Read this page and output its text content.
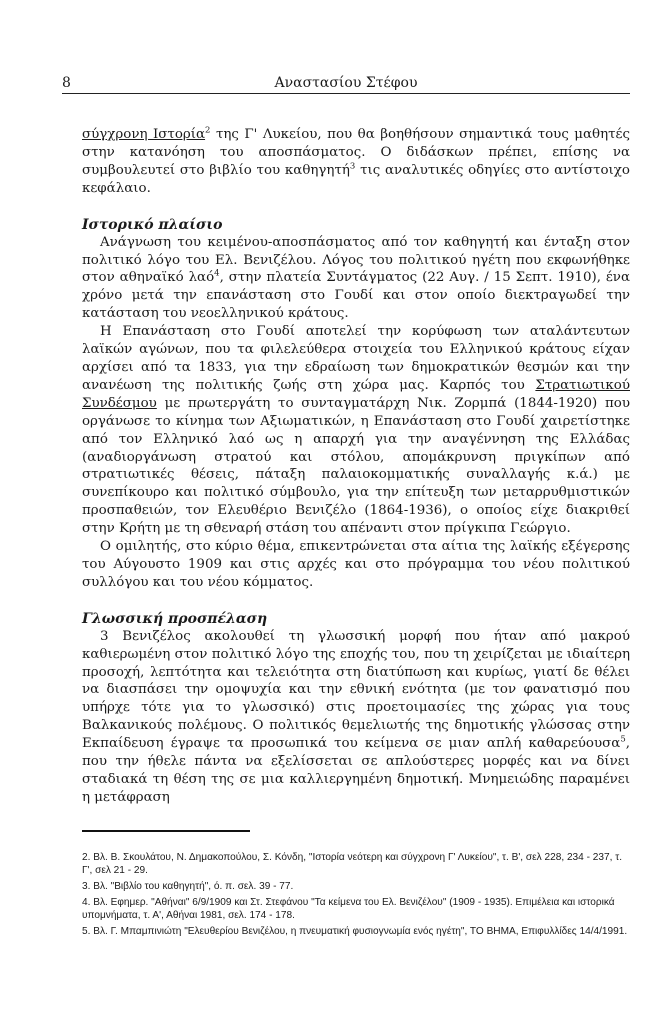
8	Αναστασίου Στέφου

σύγχρονη Ιστορία$^2$ της Γ' Λυκείου, που θα βοηθήσουν σημαντικά τους μαθητές στην κατανόηση του αποσπάσματος. Ο διδάσκων πρέπει, επίσης να συμβουλευτεί στο βιβλίο του καθηγητή$^3$ τις αναλυτικές οδηγίες στο αντίστοιχο κεφάλαιο.

Ιστορικό πλαίσιο

Ανάγνωση του κειμένου-αποσπάσματος από τον καθηγητή και ένταξη στον πολιτικό λόγο του Ελ. Βενιζέλου. Λόγος του πολιτικού ηγέτη που εκφωνήθηκε στον αθηναϊκό λαό$^4$, στην πλατεία Συντάγματος (22 Αυγ. / 15 Σεπτ. 1910), ένα χρόνο μετά την επανάσταση στο Γουδί και στον οποίο διεκτραγωδεί την κατάσταση του νεοελληνικού κράτους.

Η Επανάσταση στο Γουδί αποτελεί την κορύφωση των αταλάντευτων λαϊκών αγώνων, που τα φιλελεύθερα στοιχεία του Ελληνικού κράτους είχαν αρχίσει από τα 1833, για την εδραίωση των δημοκρατικών θεσμών και την ανανέωση της πολιτικής ζωής στη χώρα μας. Καρπός του Στρατιωτικού Συνδέσμου με πρωτεργάτη το συνταγματάρχη Νικ. Ζορμπά (1844-1920) που οργάνωσε το κίνημα των Αξιωματικών, η Επανάσταση στο Γουδί χαιρετίστηκε από τον Ελληνικό λαό ως η απαρχή για την αναγέννηση της Ελλάδας (αναδιοργάνωση στρατού και στόλου, απομάκρυνση πριγκίπων από στρατιωτικές θέσεις, πάταξη παλαιοκομματικής συναλλαγής κ.ά.) με συνεπίκουρο και πολιτικό σύμβουλο, για την επίτευξη των μεταρρυθμιστικών προσπαθειών, τον Ελευθέριο Βενιζέλο (1864-1936), ο οποίος είχε διακριθεί στην Κρήτη με τη σθεναρή στάση του απέναντι στον πρίγκιπα Γεώργιο.

Ο ομιλητής, στο κύριο θέμα, επικεντρώνεται στα αίτια της λαϊκής εξέγερσης του Αύγουστο 1909 και στις αρχές και στο πρόγραμμα του νέου πολιτικού συλλόγου και του νέου κόμματος.

Γλωσσική προσπέλαση

3 Βενιζέλος ακολουθεί τη γλωσσική μορφή που ήταν από μακρού καθιερωμένη στον πολιτικό λόγο της εποχής του, που τη χειρίζεται με ιδιαίτερη προσοχή, λεπτότητα και τελειότητα στη διατύπωση και κυρίως, γιατί δε θέλει να διασπάσει την ομοψυχία και την εθνική ενότητα (με τον φανατισμό που υπήρχε τότε για το γλωσσικό) στις προετοιμασίες της χώρας για τους Βαλκανικούς πολέμους. Ο πολιτικός θεμελιωτής της δημοτικής γλώσσας στην Εκπαίδευση έγραψε τα προσωπικά του κείμενα σε μιαν απλή καθαρεύουσα$^5$, που την ήθελε πάντα να εξελίσσεται σε απλούστερες μορφές και να δίνει σταδιακά τη θέση της σε μια καλλιεργημένη δημοτική. Μνημειώδης παραμένει η μετάφραση

2. Βλ. Β. Σκουλάτου, Ν. Δημακοπούλου, Σ. Κόνδη, "Ιστορία νεότερη και σύγχρονη Γ' Λυκείου", τ. Β', σελ 228, 234 - 237, τ. Γ', σελ 21 - 29.

3. Βλ. "Βιβλίο του καθηγητή", ό. π. σελ. 39 - 77.

4. Βλ. Εφημερ. "Αθήναι" 6/9/1909 και Στ. Στεφάνου "Τα κείμενα του Ελ. Βενιζέλου" (1909 - 1935). Επιμέλεια και ιστορικά υπομνήματα, τ. Α', Αθήναι 1981, σελ. 174 - 178.

5. Βλ. Γ. Μπαμπινιώτη "Ελευθερίου Βενιζέλου, η πνευματική φυσιογνωμία ενός ηγέτη", ΤΟ ΒΗΜΑ, Επιφυλλίδες 14/4/1991.
